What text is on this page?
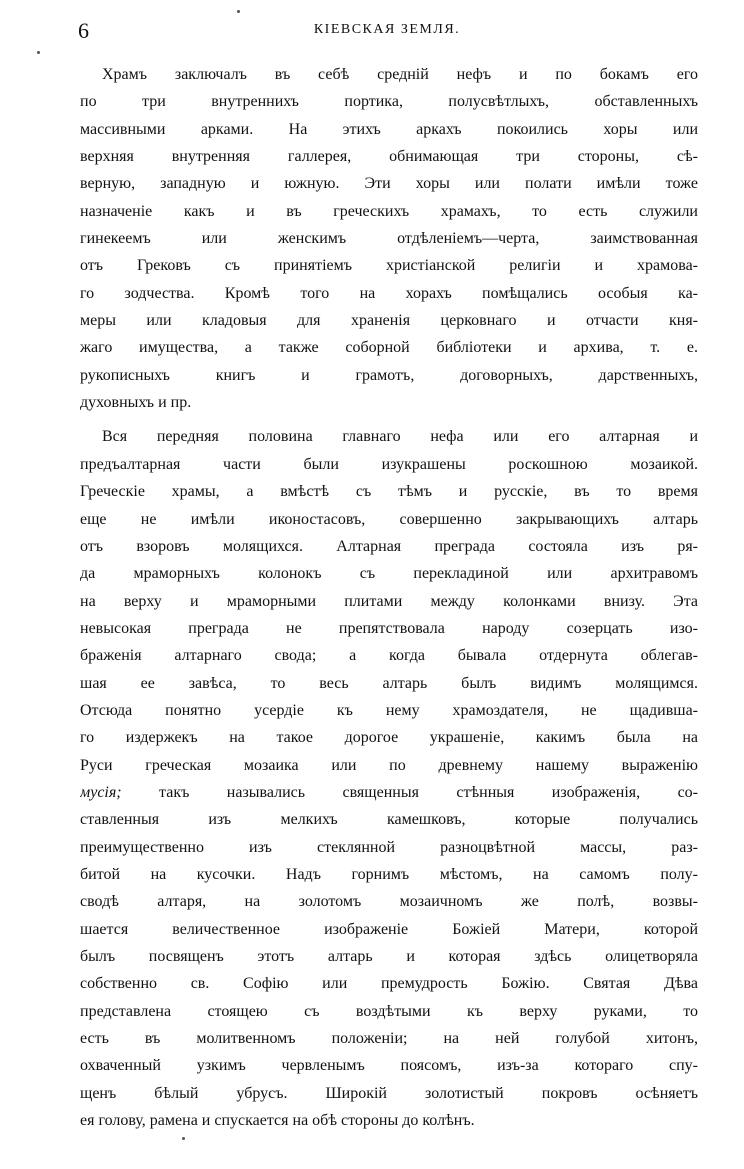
6	КІЕВСКАЯ ЗЕМЛЯ.
Храмъ заключалъ въ себѣ средній нефъ и по бокамъ его
по три внутреннихъ портика, полусвѣтлыхъ, обставленныхъ
массивными арками. На этихъ аркахъ покоились хоры или
верхняя внутренняя галлерея, обнимающая три стороны, сѣ-
верную, западную и южную. Эти хоры или полати имѣли тоже
назначеніе какъ и въ греческихъ храмахъ, то есть служили
гинекеемъ или женскимъ отдѣленіемъ—черта, заимствованная
отъ Грековъ съ принятіемъ христіанской религіи и храмова-
го зодчества. Кромѣ того на хорахъ помѣщались особыя ка-
меры или кладовыя для храненія церковнаго и отчасти кня-
жаго имущества, а также соборной библіотеки и архива, т. е.
рукописныхъ книгъ и грамотъ, договорныхъ, дарственныхъ,
духовныхъ и пр.
Вся передняя половина главнаго нефа или его алтарная и
предъалтарная части были изукрашены роскошною мозаикой.
Греческіе храмы, а вмѣстѣ съ тѣмъ и русскіе, въ то время
еще не имѣли иконостасовъ, совершенно закрывающихъ алтарь
отъ взоровъ молящихся. Алтарная преграда состояла изъ ря-
да мраморныхъ колонокъ съ перекладиной или архитравомъ
на верху и мраморными плитами между колонками внизу. Эта
невысокая преграда не препятствовала народу созерцать изо-
браженія алтарнаго свода; а когда бывала отдернута облегав-
шая ее завѣса, то весь алтарь былъ видимъ молящимся.
Отсюда понятно усердіе къ нему храмоздателя, не щадивша-
го издержекъ на такое дорогое украшеніе, какимъ была на
Руси греческая мозаика или по древнему нашему выраженію
мусія; такъ назывались священныя стѣнныя изображенія, со-
ставленныя изъ мелкихъ камешковъ, которые получались
преимущественно изъ стеклянной разноцвѣтной массы, раз-
битой на кусочки. Надъ горнимъ мѣстомъ, на самомъ полу-
сводѣ алтаря, на золотомъ мозаичномъ же полѣ, возвы-
шается величественное изображеніе Божіей Матери, которой
былъ посвященъ этотъ алтарь и которая здѣсь олицетворяла
собственно св. Софію или премудрость Божію. Святая Дѣва
представлена стоящею съ воздѣтыми къ верху руками, то
есть въ молитвенномъ положеніи; на ней голубой хитонъ,
охваченный узкимъ червленымъ поясомъ, изъ-за котораго спу-
щенъ бѣлый убрусъ. Широкій золотистый покровъ осѣняетъ
ея голову, рамена и спускается на обѣ стороны до колѣнъ.
